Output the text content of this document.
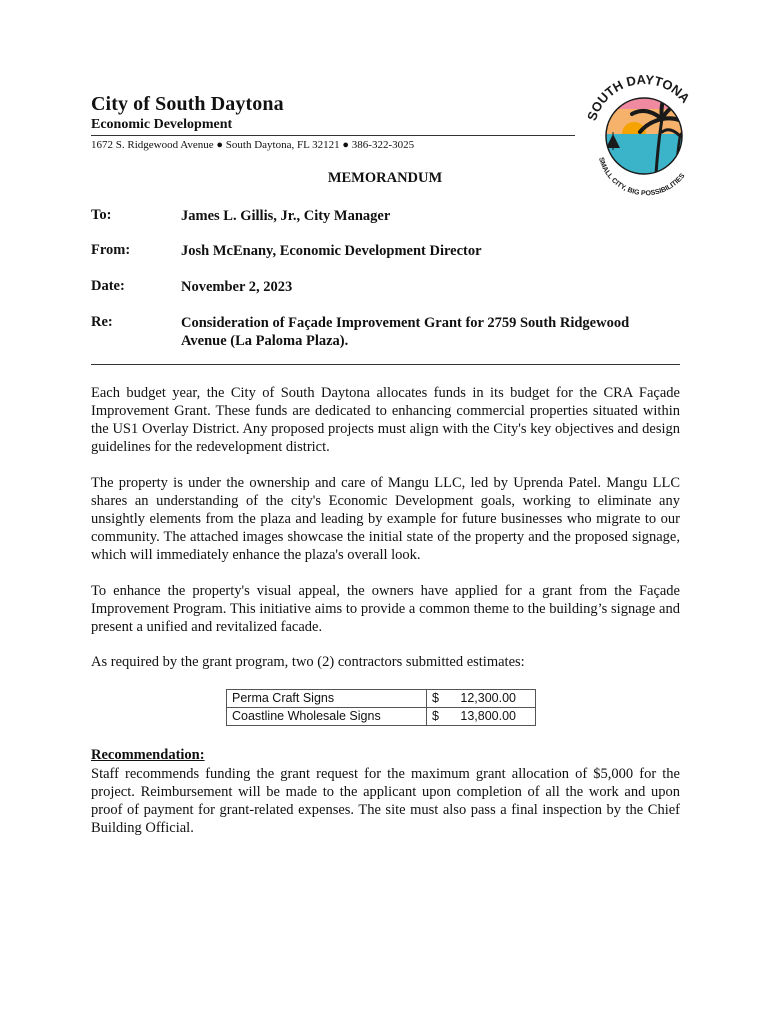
City of South Daytona
Economic Development
1672 S. Ridgewood Avenue ● South Daytona, FL 32121 ● 386-322-3025
SOUTH DAYTONA
SMALL CITY, BIG POSSIBILITIES
MEMORANDUM
To:	James L. Gillis, Jr., City Manager
From:	Josh McEnany, Economic Development Director
Date:	November 2, 2023
Re:	Consideration of Façade Improvement Grant for 2759 South Ridgewood Avenue (La Paloma Plaza).
Each budget year, the City of South Daytona allocates funds in its budget for the CRA Façade Improvement Grant. These funds are dedicated to enhancing commercial properties situated within the US1 Overlay District. Any proposed projects must align with the City's key objectives and design guidelines for the redevelopment district.
The property is under the ownership and care of Mangu LLC, led by Uprenda Patel. Mangu LLC shares an understanding of the city's Economic Development goals, working to eliminate any unsightly elements from the plaza and leading by example for future businesses who migrate to our community. The attached images showcase the initial state of the property and the proposed signage, which will immediately enhance the plaza's overall look.
To enhance the property's visual appeal, the owners have applied for a grant from the Façade Improvement Program. This initiative aims to provide a common theme to the building’s signage and present a unified and revitalized facade.
As required by the grant program, two (2) contractors submitted estimates:
Perma Craft Signs	$ 12,300.00

Coastline Wholesale Signs	$ 13,800.00
Recommendation:
Staff recommends funding the grant request for the maximum grant allocation of $5,000 for the project. Reimbursement will be made to the applicant upon completion of all the work and upon proof of payment for grant-related expenses. The site must also pass a final inspection by the Chief Building Official.
